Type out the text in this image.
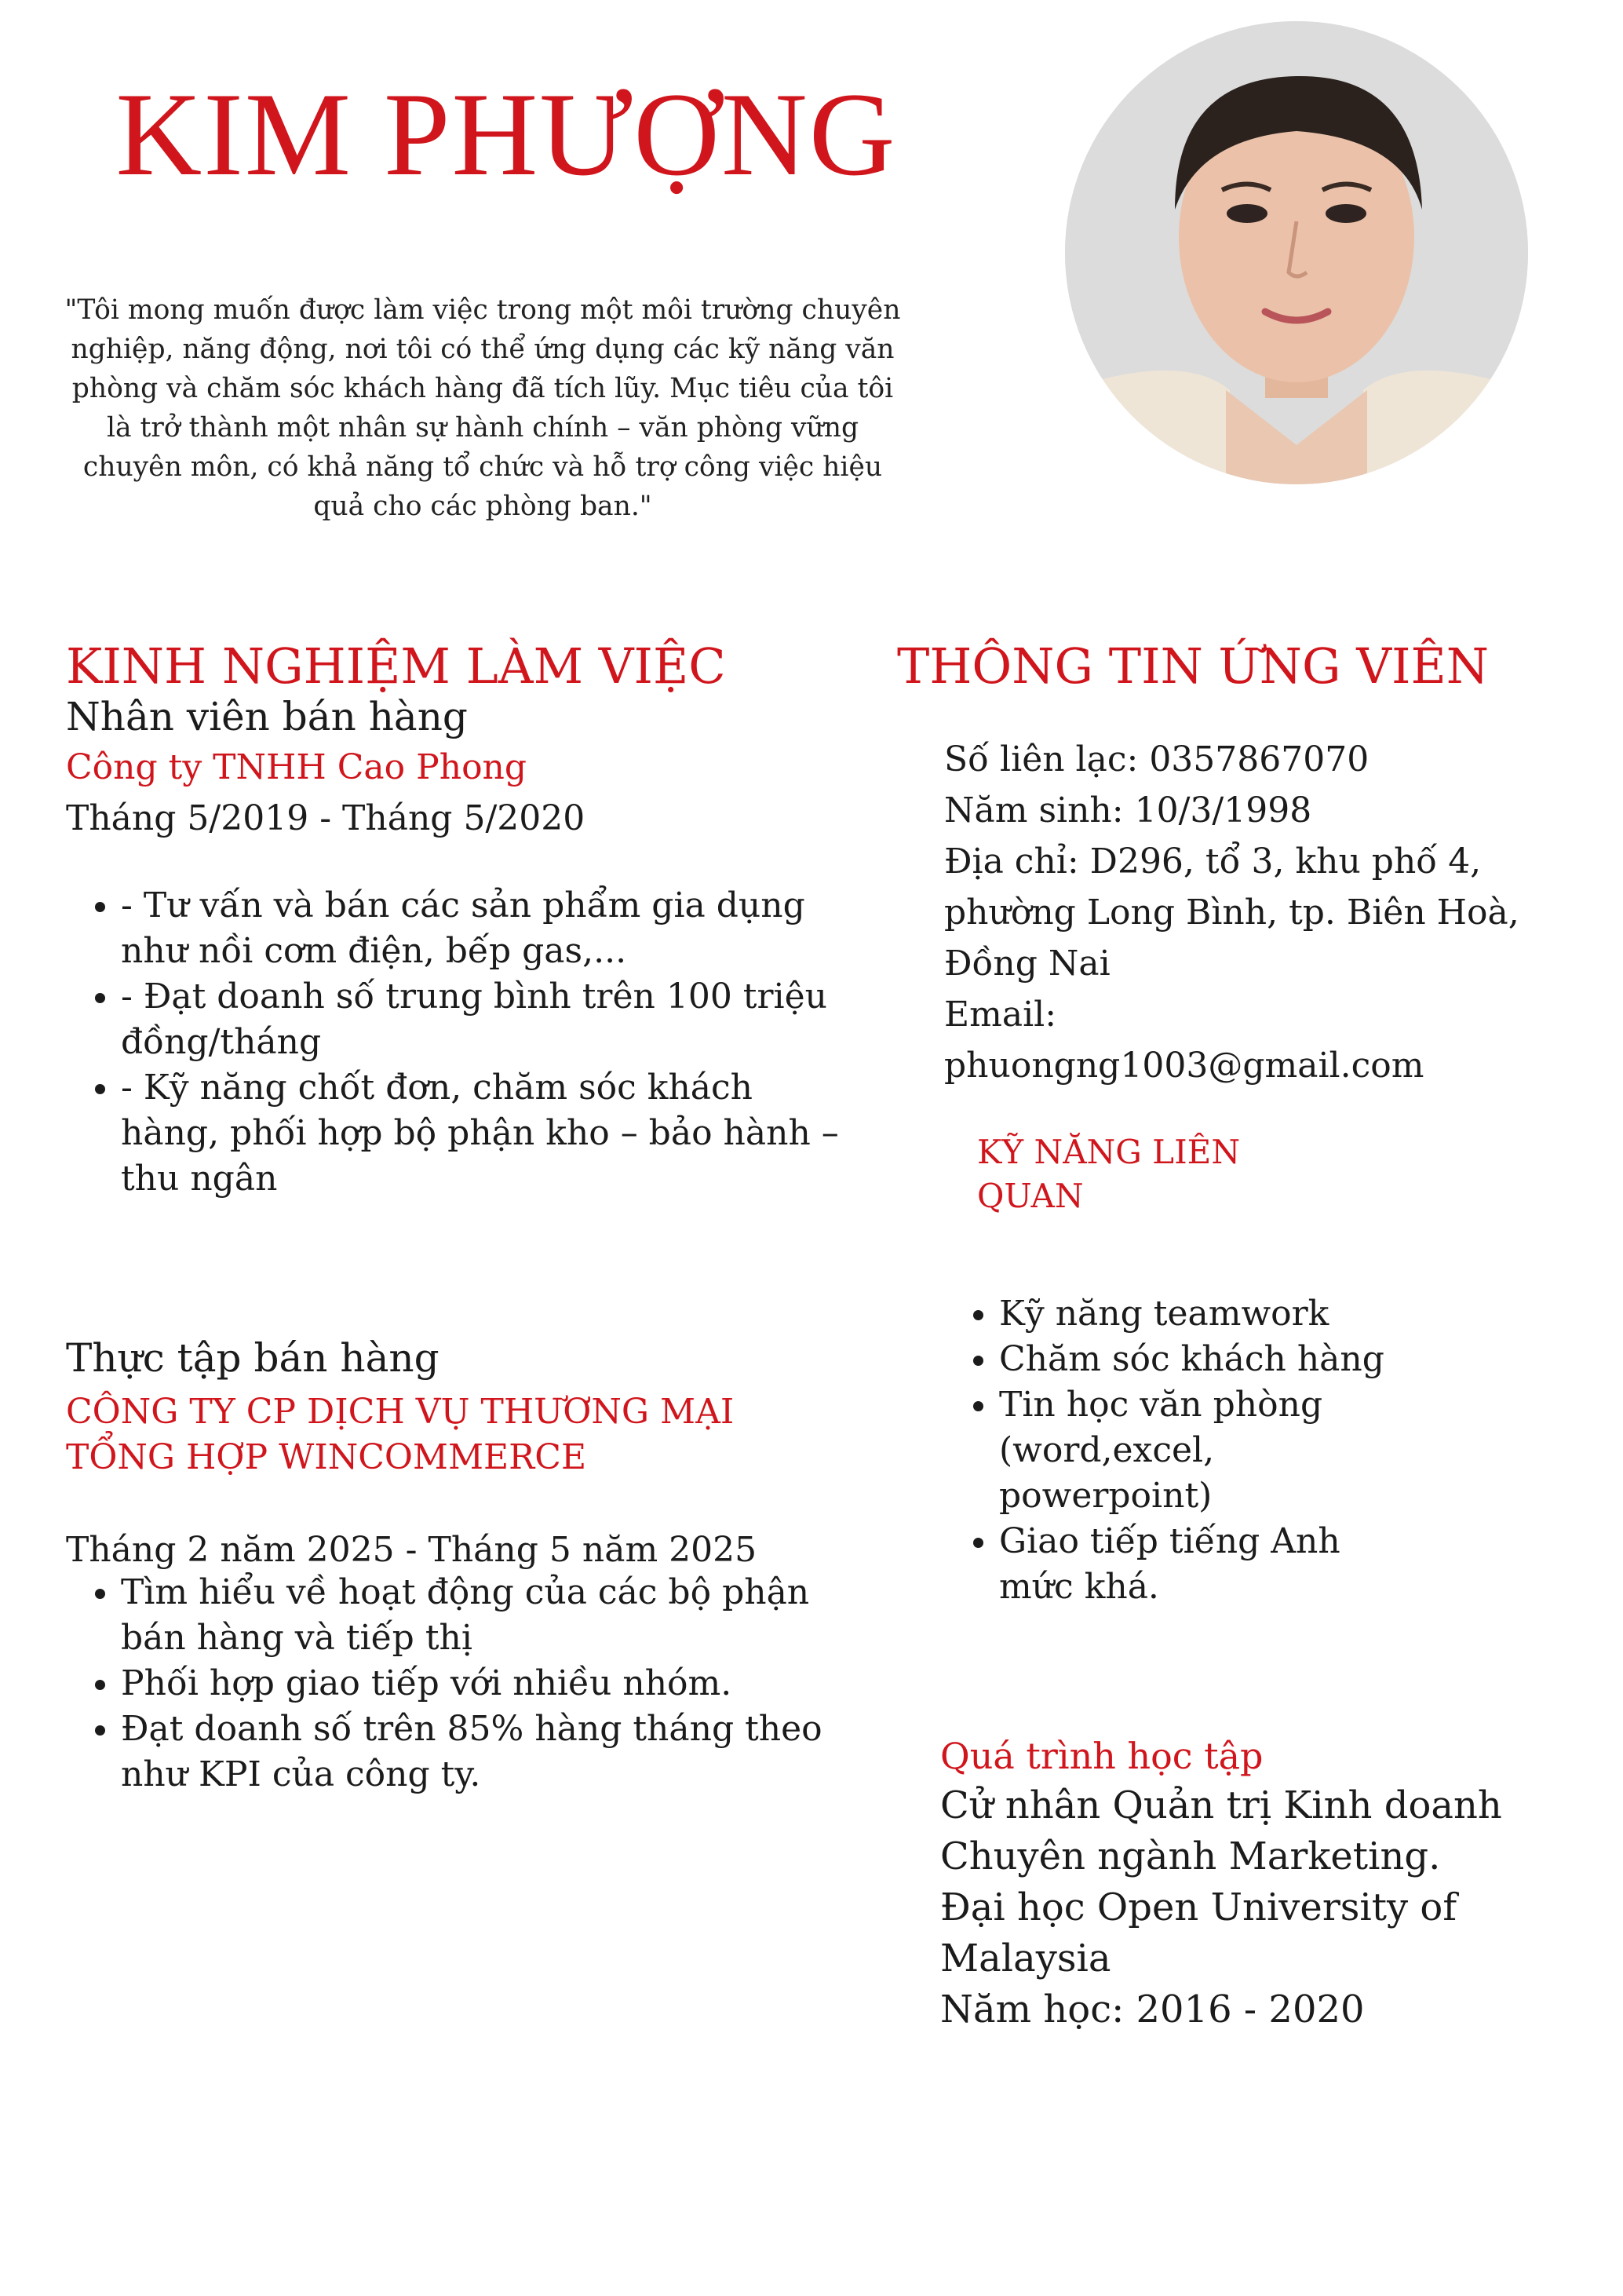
KIM PHƯỢNG
"Tôi mong muốn được làm việc trong một môi trường chuyên nghiệp, năng động, nơi tôi có thể ứng dụng các kỹ năng văn phòng và chăm sóc khách hàng đã tích lũy. Mục tiêu của tôi là trở thành một nhân sự hành chính – văn phòng vững chuyên môn, có khả năng tổ chức và hỗ trợ công việc hiệu quả cho các phòng ban."
KINH NGHIỆM LÀM VIỆC
Nhân viên bán hàng
Công ty TNHH Cao Phong
Tháng 5/2019 - Tháng 5/2020
• - Tư vấn và bán các sản phẩm gia dụng như nồi cơm điện, bếp gas,...
• - Đạt doanh số trung bình trên 100 triệu đồng/tháng
• - Kỹ năng chốt đơn, chăm sóc khách hàng, phối hợp bộ phận kho – bảo hành – thu ngân
Thực tập bán hàng
CÔNG TY CP DỊCH VỤ THƯƠNG MẠI TỔNG HỢP WINCOMMERCE
Tháng 2 năm 2025 - Tháng 5 năm 2025
• Tìm hiểu về hoạt động của các bộ phận bán hàng và tiếp thị
• Phối hợp giao tiếp với nhiều nhóm.
• Đạt doanh số trên 85% hàng tháng theo như KPI của công ty.
THÔNG TIN ỨNG VIÊN
Số liên lạc: 0357867070
Năm sinh: 10/3/1998
Địa chỉ: D296, tổ 3, khu phố 4, phường Long Bình, tp. Biên Hoà, Đồng Nai
Email:
phuongng1003@gmail.com
KỸ NĂNG LIÊN QUAN
• Kỹ năng teamwork
• Chăm sóc khách hàng
• Tin học văn phòng (word,excel, powerpoint)
• Giao tiếp tiếng Anh mức khá.
Quá trình học tập
Cử nhân Quản trị Kinh doanh
Chuyên ngành Marketing.
Đại học Open University of Malaysia
Năm học: 2016 - 2020
